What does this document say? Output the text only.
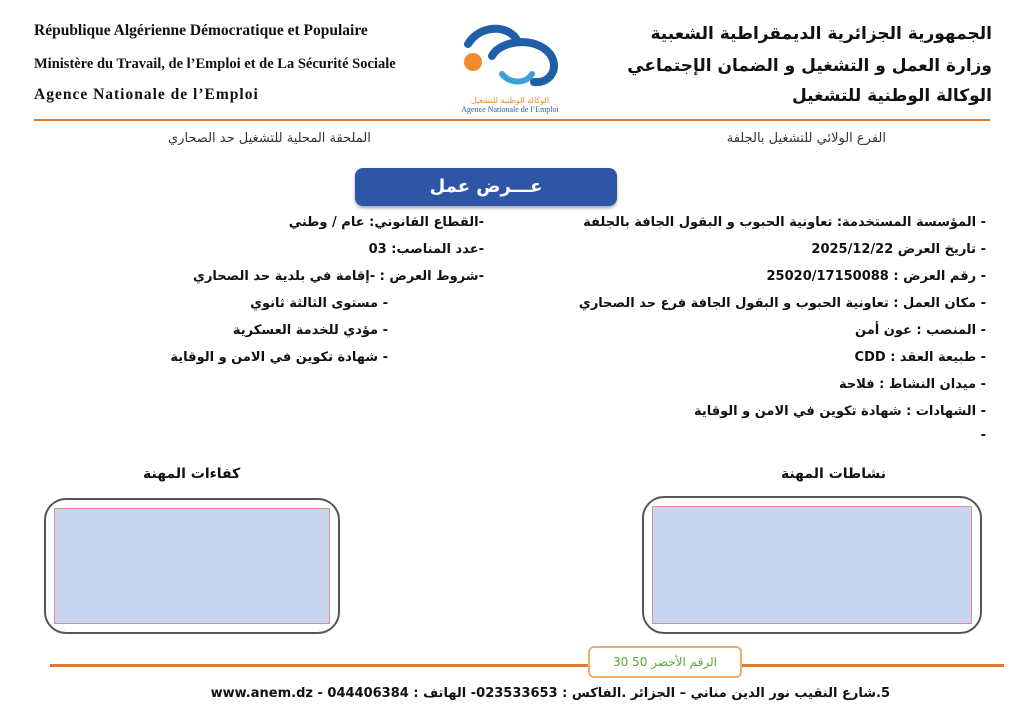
République Algérienne Démocratique et Populaire
Ministère du Travail, de l’Emploi et de La Sécurité Sociale
Agence Nationale de l’Emploi	الوكالة الوطنية للتشغيل
Agence Nationale de l’Emploi
الجمهورية الجزائرية الديمقراطية الشعبية
وزارة العمل و التشغيل و الضمان الإجتماعي
الوكالة الوطنية للتشغيل
الفرع الولائي للتشغيل بالجلفة
الملحقة المحلية للتشغيل حد الصحاري
عـــرض عمل
- المؤسسة المستخدمة: تعاونية الحبوب و البقول الجافة بالجلفة
- تاريخ العرض 2025/12/22
- رقم العرض : 25020/17150088
- مكان العمل : تعاونية الحبوب و البقول الجافة فرع حد الصحاري
- المنصب : عون أمن
- طبيعة العقد : CDD
- ميدان النشاط : فلاحة
- الشهادات : شهادة تكوين في الامن و الوقاية
-
-القطاع القانوني: عام / وطني
-عدد المناصب: 03
-شروط العرض : -إقامة في بلدية حد الصحاري
- مستوى الثالثة ثانوي
- مؤدي للخدمة العسكرية
- شهادة تكوين في الامن و الوقاية
نشاطات المهنة
كفاءات المهنة
الرقم الأخضر 50 30
5.شارع النقيب نور الدين مناني – الجزائر .الفاكس : 023533653- الهاتف : 044406384 - www.anem.dz
